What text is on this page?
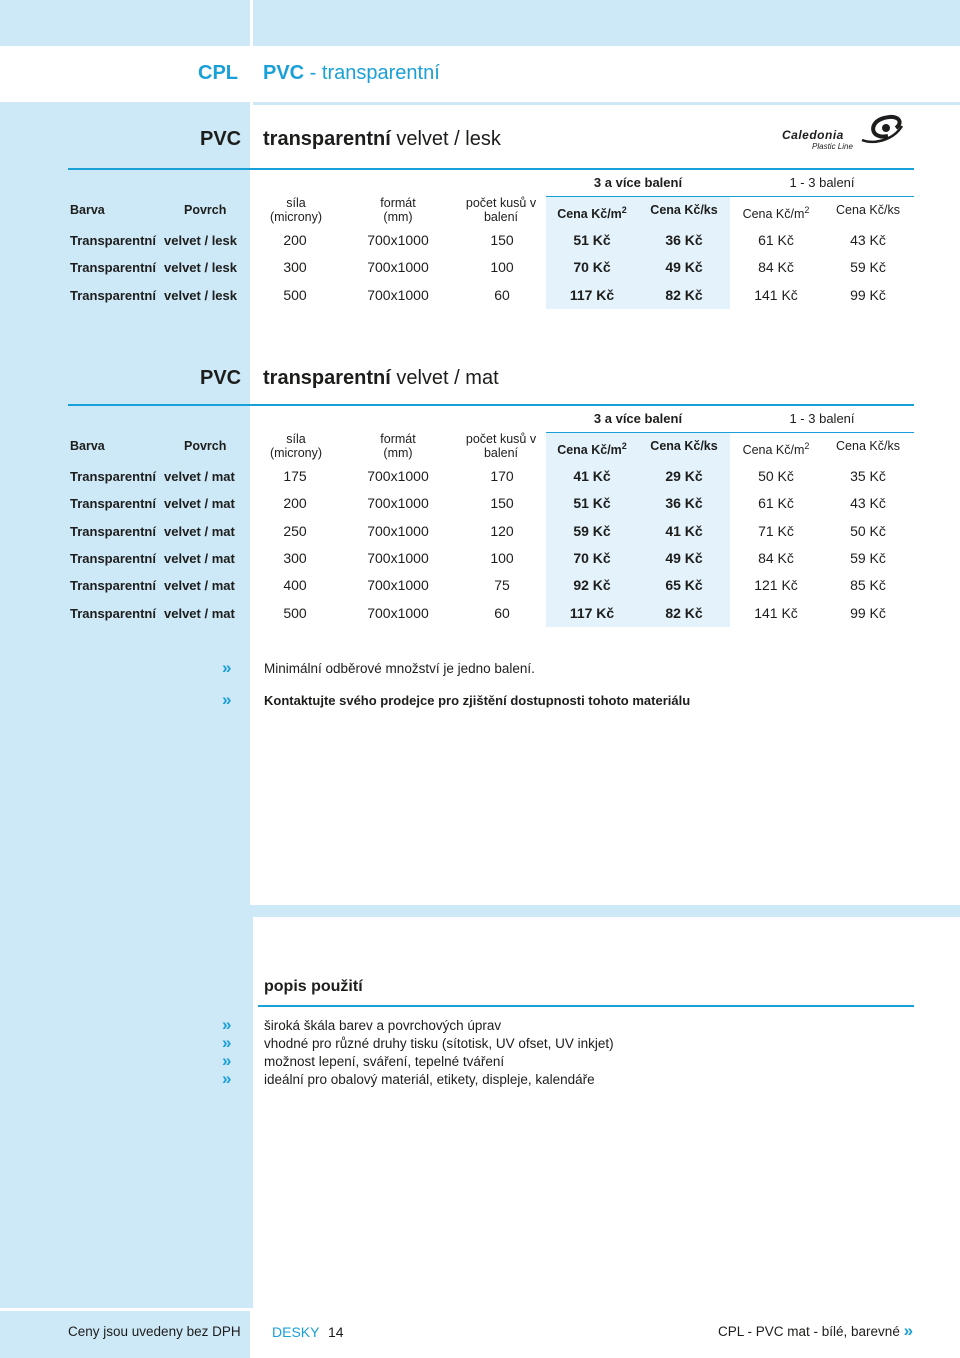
CPL PVC - transparentní
PVC transparentní velvet / lesk	Caledonia
Plastic Line
3 a více balení	1 - 3 balení
Barva	Povrch	síla
(microny)
formát
(mm)
počet kusů v
balení	Cena $Kč/m^2$	Cena Kč/ks	Cena $Kč/m^2$	Cena Kč/ks
Transparentní velvet / lesk	200	700x1000	150	51 Kč	36 Kč	61 Kč	43 Kč
Transparentní velvet / lesk	300	700x1000	100	70 Kč	49 Kč	84 Kč	59 Kč
Transparentní velvet / lesk	500	700x1000	60	117 Kč	82 Kč	141 Kč	99 Kč
PVC transparentní velvet / mat
3 a více balení	1 - 3 balení
Barva	Povrch	síla
(microny)
formát
(mm)
počet kusů v
balení	Cena $Kč/m^2$	Cena Kč/ks	Cena $Kč/m^2$	Cena Kč/ks
Transparentní velvet / mat	175	700x1000	170	41 Kč	29 Kč	50 Kč	35 Kč
Transparentní velvet / mat	200	700x1000	150	51 Kč	36 Kč	61 Kč	43 Kč
Transparentní velvet / mat	250	700x1000	120	59 Kč	41 Kč	71 Kč	50 Kč
Transparentní velvet / mat	300	700x1000	100	70 Kč	49 Kč	84 Kč	59 Kč
Transparentní velvet / mat	400	700x1000	75	92 Kč	65 Kč	121 Kč	85 Kč
Transparentní velvet / mat	500	700x1000	60	117 Kč	82 Kč	141 Kč	99 Kč
»	Minimální odběrové množství je jedno balení.
»	Kontaktujte svého prodejce pro zjištění dostupnosti tohoto materiálu
popis použití
»	široká škála barev a povrchových úprav
»	vhodné pro různé druhy tisku (sítotisk, UV ofset, UV inkjet)
»	možnost lepení, sváření, tepelné tváření
»	ideální pro obalový materiál, etikety, displeje, kalendáře
Ceny jsou uvedeny bez DPH DESKY 14	CPL - PVC mat - bílé, barevné »
